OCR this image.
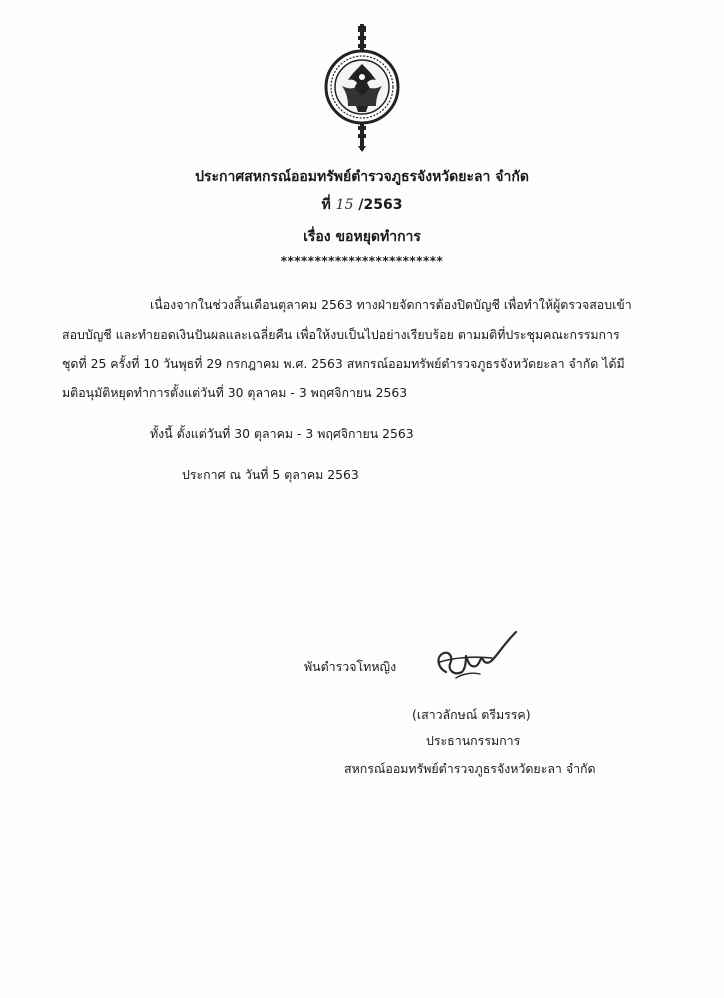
ประกาศสหกรณ์ออมทรัพย์ตำรวจภูธรจังหวัดยะลา จำกัด
ที่ 15 /2563
เรื่อง ขอหยุดทำการ
************************
เนื่องจากในช่วงสิ้นเดือนตุลาคม 2563 ทางฝ่ายจัดการต้องปิดบัญชี เพื่อทำให้ผู้ตรวจสอบเข้า
สอบบัญชี และทำยอดเงินปันผลและเฉลี่ยคืน เพื่อให้งบเป็นไปอย่างเรียบร้อย ตามมติที่ประชุมคณะกรรมการ
ชุดที่ 25 ครั้งที่ 10 วันพุธที่ 29 กรกฎาคม พ.ศ. 2563 สหกรณ์ออมทรัพย์ตำรวจภูธรจังหวัดยะลา จำกัด ได้มี
มติอนุมัติหยุดทำการตั้งแต่วันที่ 30 ตุลาคม - 3 พฤศจิกายน 2563
ทั้งนี้ ตั้งแต่วันที่ 30 ตุลาคม - 3 พฤศจิกายน 2563
ประกาศ ณ วันที่ 5 ตุลาคม 2563
พันตำรวจโทหญิง
(เสาวลักษณ์ ตรีมรรค)
ประธานกรรมการ
สหกรณ์ออมทรัพย์ตำรวจภูธรจังหวัดยะลา จำกัด
